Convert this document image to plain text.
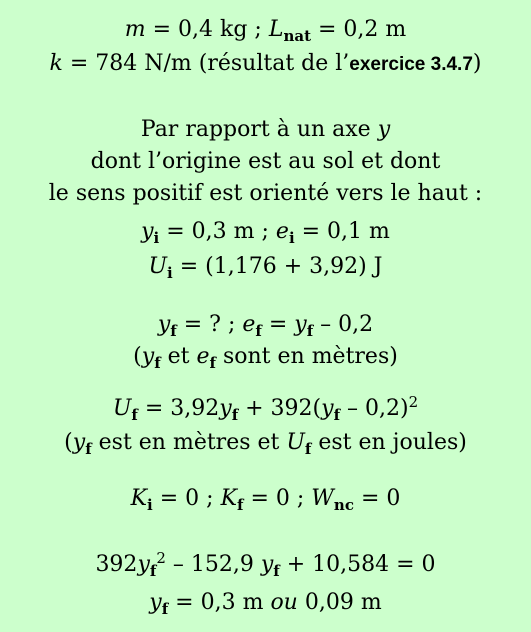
m = 0,4 kg ; $L_{nat} = 0,2$ m
k = 784 N/m (résultat de l’exercice 3.4.7)
Par rapport à un axe y
dont l’origine est au sol et dont
le sens positif est orienté vers le haut :
$y_i = 0,3$ m ; $e_i = 0,1$ m
$U_i = (1,176 + 3,92)$ J
$y_f$ = ? ; $e_f = y_f - 0,2$
($y_f$ et $e_f$ sont en mètres)
$U_f = 3,92y_f + 392(y_f - 0,2)^2$
($y_f$ est en mètres et $U_f$ est en joules)
$K_i = 0$ ; $K_f = 0$ ; $W_{nc} = 0$
$392y_f^2 - 152,9$ $y_f + 10,584 = 0$
$y_f = 0,3$ m ou 0,09 m
